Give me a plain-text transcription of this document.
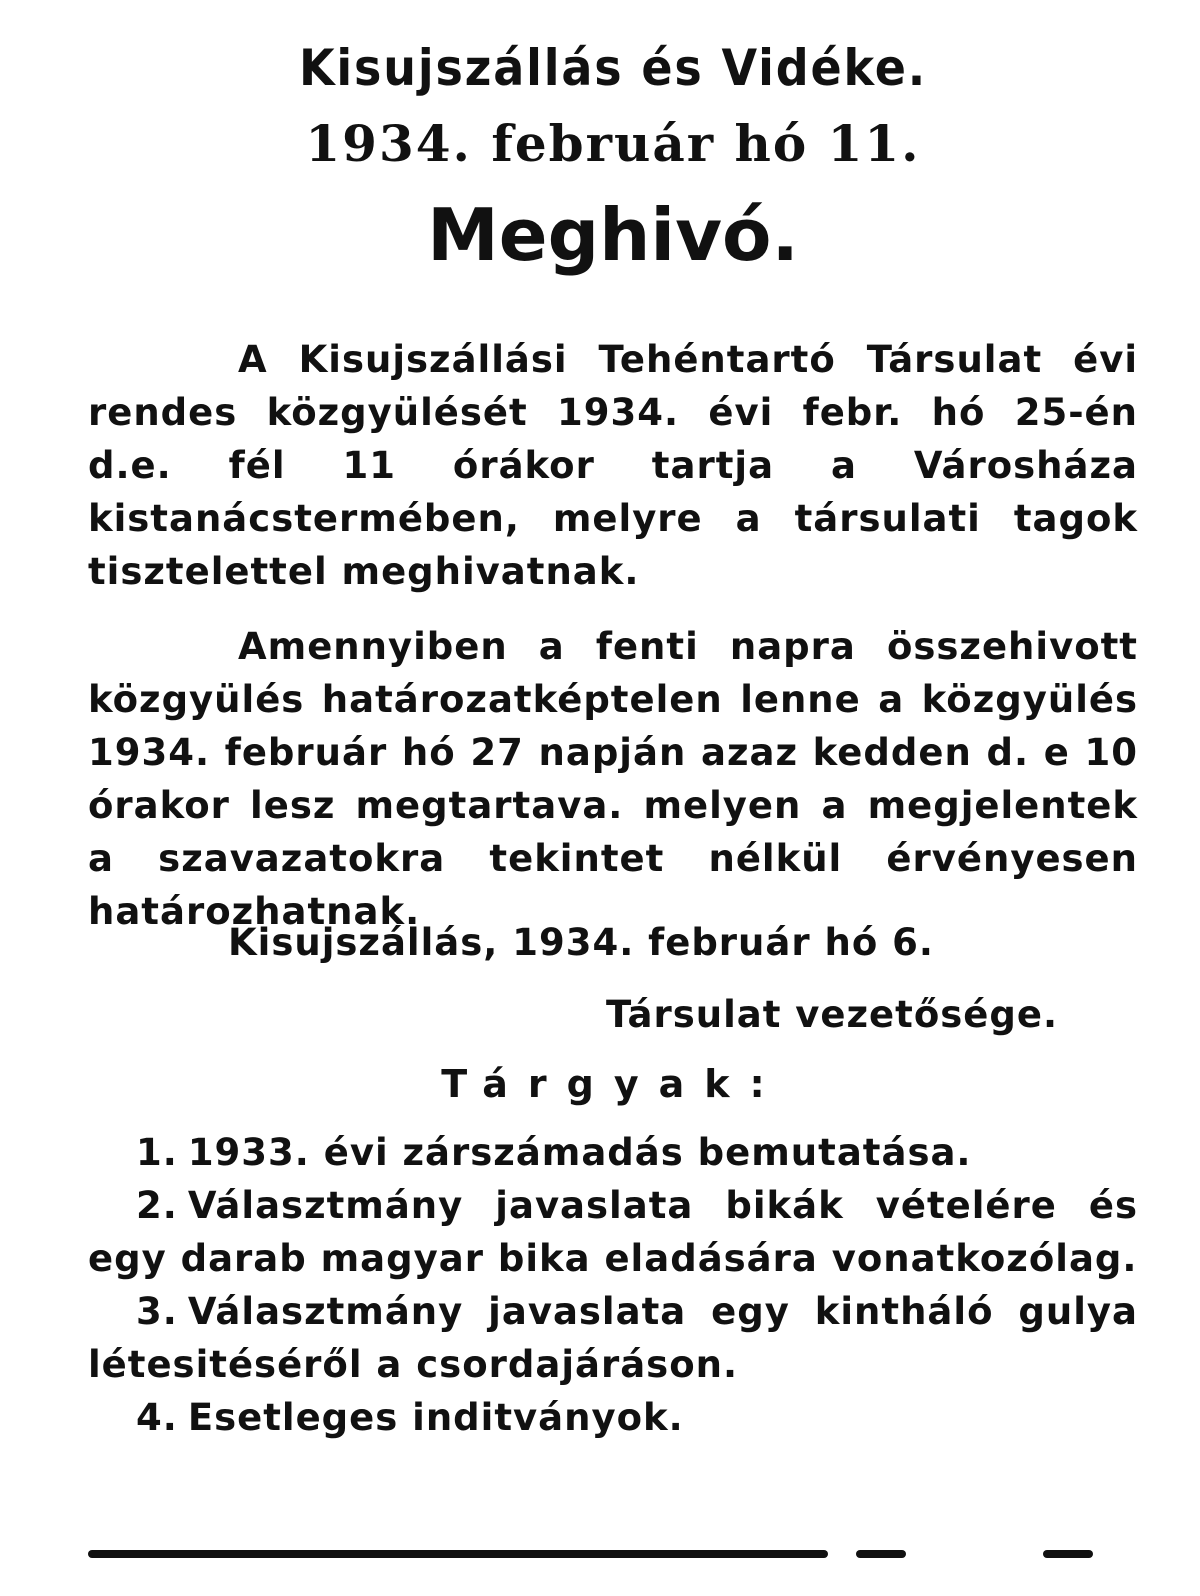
Kisujszállás és Vidéke.
1934. február hó 11.
Meghivó.

A Kisujszállási Tehéntartó Társulat évi rendes közgyülését 1934. évi febr. hó 25-én d.e. fél 11 órákor tartja a Városháza kistanácstermében, melyre a társulati tagok tisztelettel meghivatnak.

Amennyiben a fenti napra összehivott közgyülés határozatképtelen lenne a közgyülés 1934. február hó 27 napján azaz kedden d. e 10 órakor lesz megtartava. melyen a megjelentek a szavazatokra tekintet nélkül érvényesen határozhatnak.

Kisujszállás, 1934. február hó 6.
Társulat vezetősége.
Tárgyak:
1. 1933. évi zárszámadás bemutatása.
2. Választmány javaslata bikák vételére és egy darab magyar bika eladására vonatkozólag.
3. Választmány javaslata egy kintháló gulya létesitéséről a csordajáráson.
4. Esetleges inditványok.
